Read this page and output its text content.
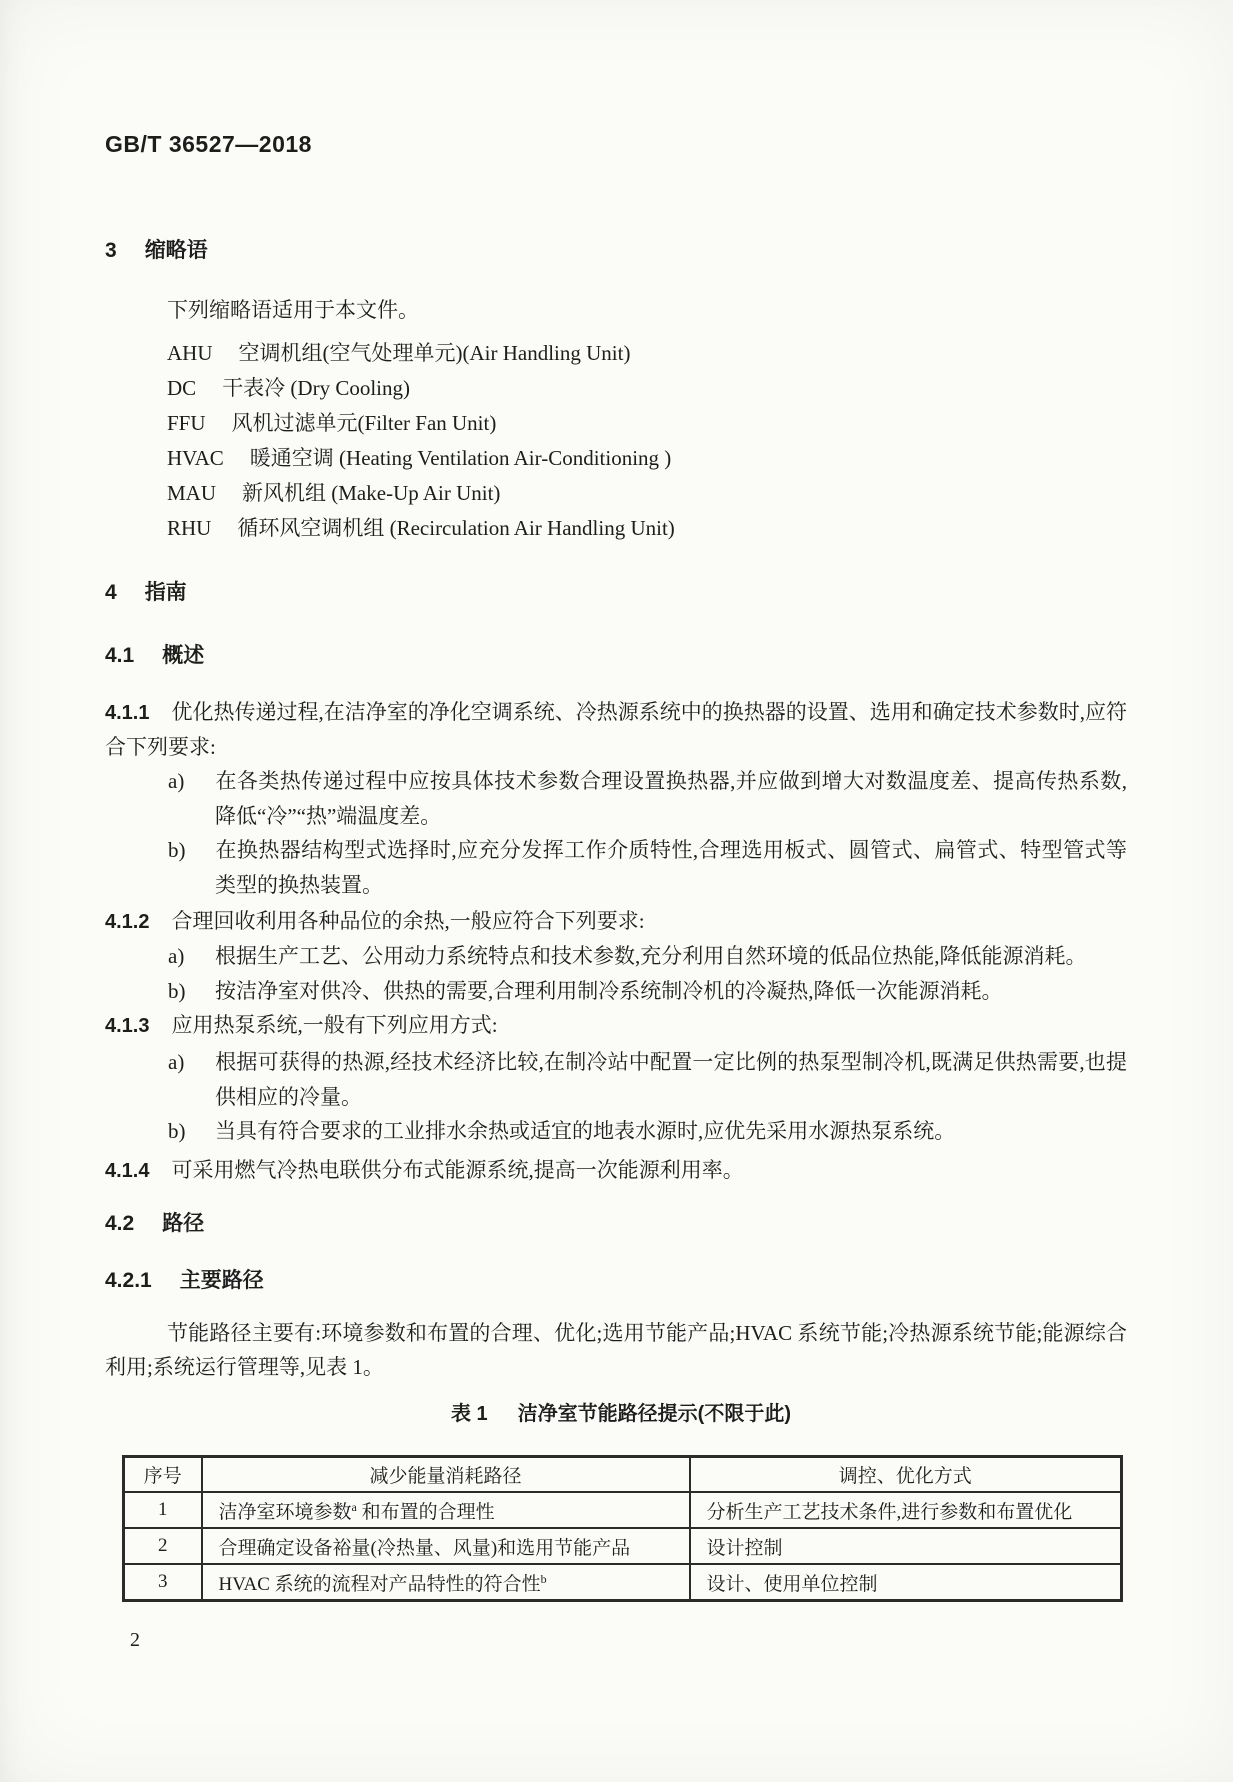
GB/T 36527—2018
3 缩略语
下列缩略语适用于本文件。
AHU 空调机组(空气处理单元)(Air Handling Unit)
DC 干表冷 (Dry Cooling)
FFU 风机过滤单元(Filter Fan Unit)
HVAC 暖通空调 (Heating Ventilation Air-Conditioning )
MAU 新风机组 (Make-Up Air Unit)
RHU 循环风空调机组 (Recirculation Air Handling Unit)
4 指南
4.1 概述
4.1.1 优化热传递过程,在洁净室的净化空调系统、冷热源系统中的换热器的设置、选用和确定技术参数时,应符合下列要求:
a) 在各类热传递过程中应按具体技术参数合理设置换热器,并应做到增大对数温度差、提高传热系数,降低“冷”“热”端温度差。
b) 在换热器结构型式选择时,应充分发挥工作介质特性,合理选用板式、圆管式、扁管式、特型管式等类型的换热装置。
4.1.2 合理回收利用各种品位的余热,一般应符合下列要求:
a) 根据生产工艺、公用动力系统特点和技术参数,充分利用自然环境的低品位热能,降低能源消耗。
b) 按洁净室对供冷、供热的需要,合理利用制冷系统制冷机的冷凝热,降低一次能源消耗。
4.1.3 应用热泵系统,一般有下列应用方式:
a) 根据可获得的热源,经技术经济比较,在制冷站中配置一定比例的热泵型制冷机,既满足供热需要,也提供相应的冷量。
b) 当具有符合要求的工业排水余热或适宜的地表水源时,应优先采用水源热泵系统。
4.1.4 可采用燃气冷热电联供分布式能源系统,提高一次能源利用率。
4.2 路径
4.2.1 主要路径
节能路径主要有:环境参数和布置的合理、优化;选用节能产品;HVAC 系统节能;冷热源系统节能;能源综合利用;系统运行管理等,见表 1。
表 1 洁净室节能路径提示(不限于此)
序号	减少能量消耗路径	调控、优化方式
1	洁净室环境参数$^a$ 和布置的合理性	分析生产工艺技术条件,进行参数和布置优化
2	合理确定设备裕量(冷热量、风量)和选用节能产品	设计控制
3	HVAC 系统的流程对产品特性的符合性$^b$	设计、使用单位控制
2
